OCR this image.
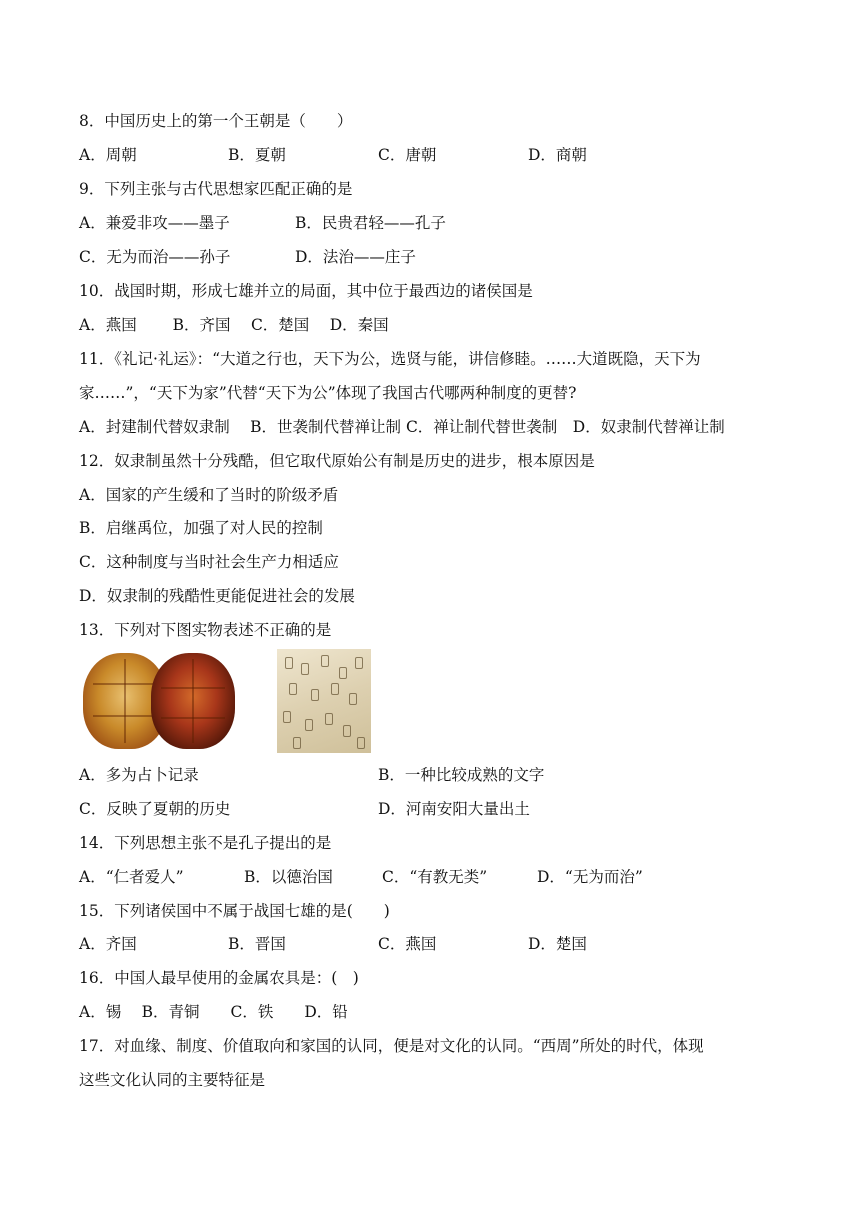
8．中国历史上的第一个王朝是（　　）
A．周朝	B．夏朝	C．唐朝	D．商朝
9．下列主张与古代思想家匹配正确的是
A．兼爱非攻——墨子	B．民贵君轻——孔子
C．无为而治——孙子	D．法治——庄子
10．战国时期，形成七雄并立的局面，其中位于最西边的诸侯国是
A．燕国　　 B．齐国　 C．楚国　 D．秦国
11．《礼记·礼运》：“大道之行也，天下为公，选贤与能，讲信修睦。……大道既隐，天下为
家……”，“天下为家”代替“天下为公”体现了我国古代哪两种制度的更替?
A．封建制代替奴隶制　 B．世袭制代替禅让制 C．禅让制代替世袭制　D．奴隶制代替禅让制
12．奴隶制虽然十分残酷，但它取代原始公有制是历史的进步，根本原因是
A．国家的产生缓和了当时的阶级矛盾
B．启继禹位，加强了对人民的控制
C．这种制度与当时社会生产力相适应
D．奴隶制的残酷性更能促进社会的发展
13．下列对下图实物表述不正确的是
A．多为占卜记录	B．一种比较成熟的文字
C．反映了夏朝的历史	D．河南安阳大量出土
14．下列思想主张不是孔子提出的是
A．“仁者爱人”	B．以德治国	C．“有教无类”	D．“无为而治”
15．下列诸侯国中不属于战国七雄的是(　　)
A．齐国	B．晋国	C．燕国	D．楚国
16．中国人最早使用的金属农具是：(　)
A．锡　 B．青铜　　C．铁　　D．铅
17．对血缘、制度、价值取向和家国的认同，便是对文化的认同。“西周”所处的时代，体现
这些文化认同的主要特征是
